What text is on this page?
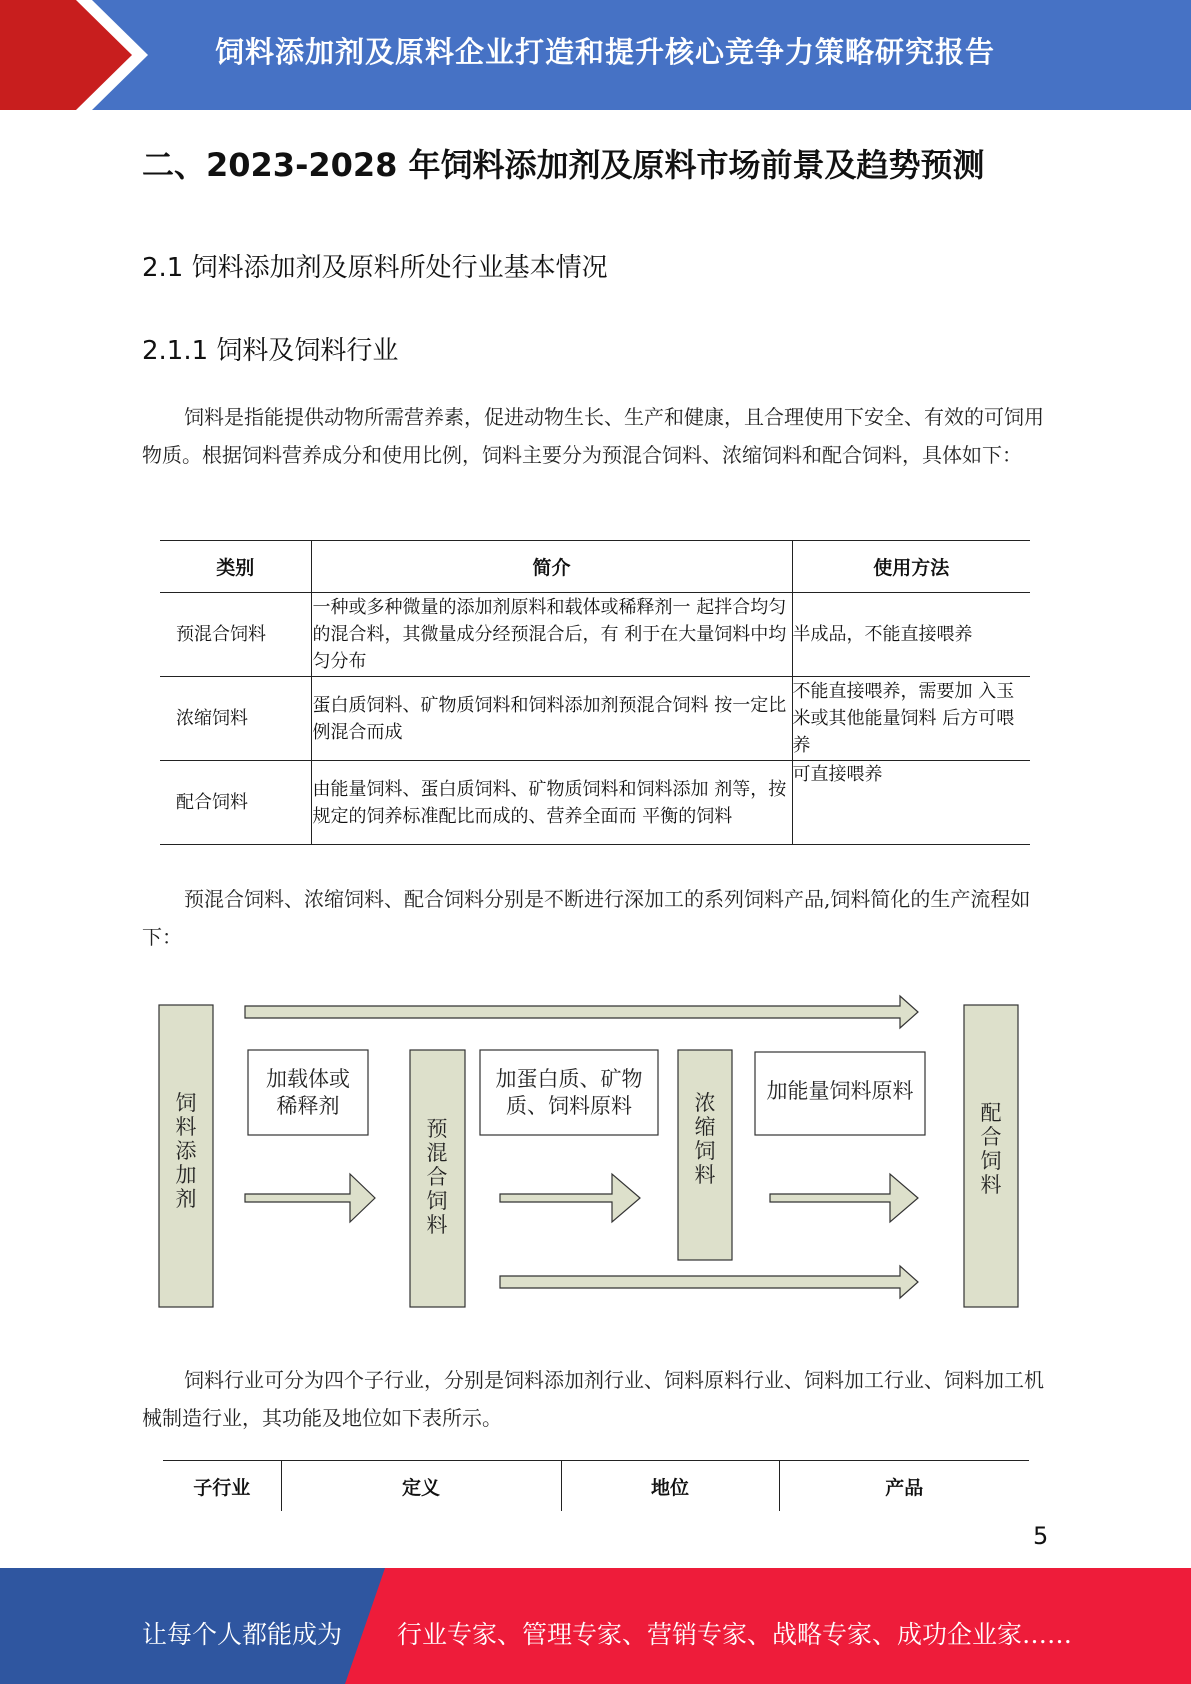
饲料添加剂及原料企业打造和提升核心竞争力策略研究报告
二、2023-2028 年饲料添加剂及原料市场前景及趋势预测
2.1 饲料添加剂及原料所处行业基本情况
2.1.1 饲料及饲料行业

饲料是指能提供动物所需营养素，促进动物生长、生产和健康，且合理使用下安全、有效的可饲用物质。根据饲料营养成分和使用比例，饲料主要分为预混合饲料、浓缩饲料和配合饲料，具体如下：

类别	简介	使用方法
预混合饲料	一种或多种微量的添加剂原料和载体或稀释剂一 起拌合均匀的混合料，其微量成分经预混合后，有 利于在大量饲料中均匀分布	半成品，不能直接喂养
浓缩饲料	蛋白质饲料、矿物质饲料和饲料添加剂预混合饲料 按一定比例混合而成	不能直接喂养，需要加 入玉米或其他能量饲料 后方可喂养
配合饲料	由能量饲料、蛋白质饲料、矿物质饲料和饲料添加 剂等，按规定的饲养标准配比而成的、营养全面而 平衡的饲料	可直接喂养

预混合饲料、浓缩饲料、配合饲料分别是不断进行深加工的系列饲料产品,饲料简化的生产流程如下：

饲料添加剂
预混合饲料
浓缩饲料
配合饲料
加载体或稀释剂
加蛋白质、矿物质、饲料原料
加能量饲料原料

饲料行业可分为四个子行业，分别是饲料添加剂行业、饲料原料行业、饲料加工行业、饲料加工机械制造行业，其功能及地位如下表所示。

子行业	定义	地位	产品
5
让每个人都能成为 行业专家、管理专家、营销专家、战略专家、成功企业家……
